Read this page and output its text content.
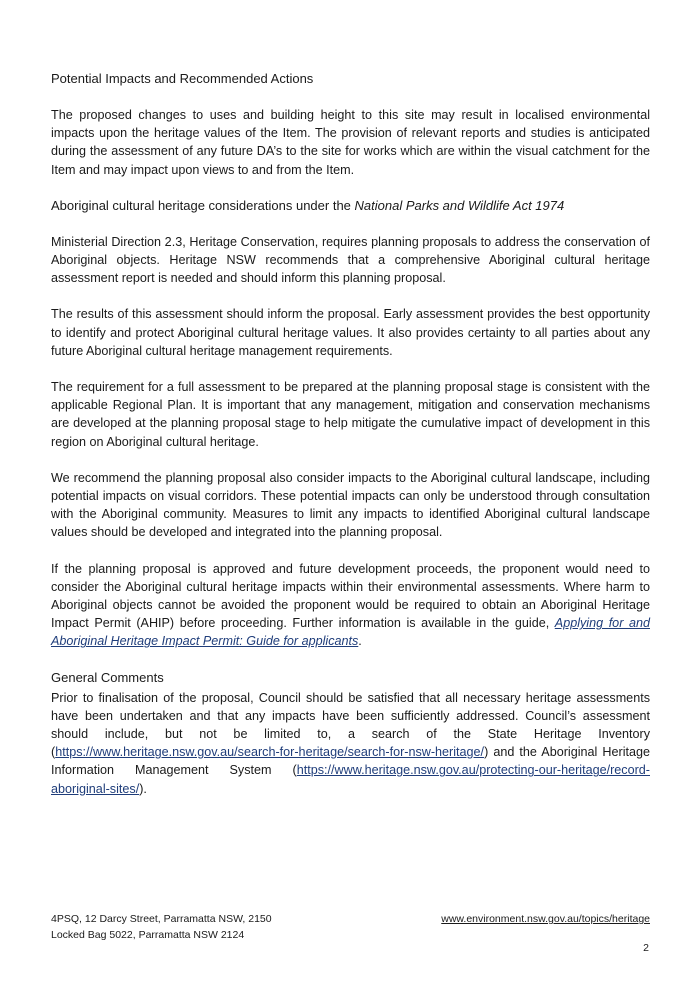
Potential Impacts and Recommended Actions

The proposed changes to uses and building height to this site may result in localised environmental impacts upon the heritage values of the Item. The provision of relevant reports and studies is anticipated during the assessment of any future DA’s to the site for works which are within the visual catchment for the Item and may impact upon views to and from the Item.

Aboriginal cultural heritage considerations under the National Parks and Wildlife Act 1974

Ministerial Direction 2.3, Heritage Conservation, requires planning proposals to address the conservation of Aboriginal objects. Heritage NSW recommends that a comprehensive Aboriginal cultural heritage assessment report is needed and should inform this planning proposal.

The results of this assessment should inform the proposal. Early assessment provides the best opportunity to identify and protect Aboriginal cultural heritage values. It also provides certainty to all parties about any future Aboriginal cultural heritage management requirements.

The requirement for a full assessment to be prepared at the planning proposal stage is consistent with the applicable Regional Plan. It is important that any management, mitigation and conservation mechanisms are developed at the planning proposal stage to help mitigate the cumulative impact of development in this region on Aboriginal cultural heritage.

We recommend the planning proposal also consider impacts to the Aboriginal cultural landscape, including potential impacts on visual corridors. These potential impacts can only be understood through consultation with the Aboriginal community. Measures to limit any impacts to identified Aboriginal cultural landscape values should be developed and integrated into the planning proposal.

If the planning proposal is approved and future development proceeds, the proponent would need to consider the Aboriginal cultural heritage impacts within their environmental assessments. Where harm to Aboriginal objects cannot be avoided the proponent would be required to obtain an Aboriginal Heritage Impact Permit (AHIP) before proceeding. Further information is available in the guide, Applying for and Aboriginal Heritage Impact Permit: Guide for applicants.

General Comments

Prior to finalisation of the proposal, Council should be satisfied that all necessary heritage assessments have been undertaken and that any impacts have been sufficiently addressed. Council’s assessment should include, but not be limited to, a search of the State Heritage Inventory (https://www.heritage.nsw.gov.au/search-for-heritage/search-for-nsw-heritage/) and the Aboriginal Heritage Information Management System (https://www.heritage.nsw.gov.au/protecting-our-heritage/record-aboriginal-sites/).

4PSQ, 12 Darcy Street, Parramatta NSW, 2150
Locked Bag 5022, Parramatta NSW 2124
www.environment.nsw.gov.au/topics/heritage
2
